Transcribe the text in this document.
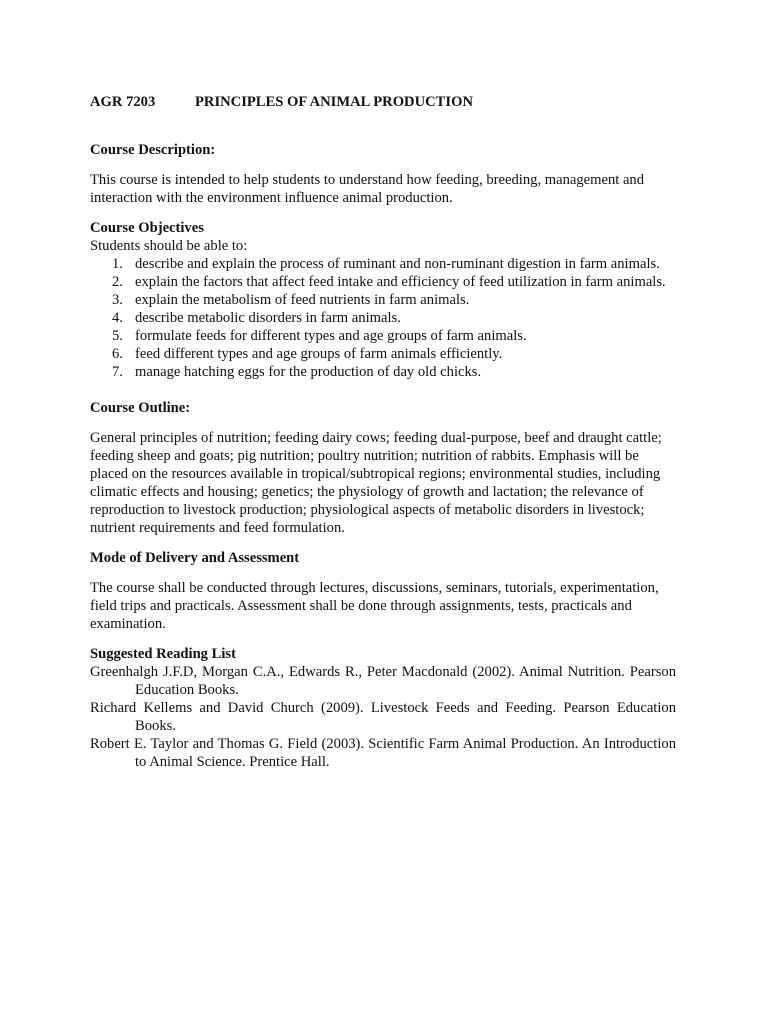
AGR 7203	PRINCIPLES OF ANIMAL PRODUCTION

Course Description:

This course is intended to help students to understand how feeding, breeding, management and interaction with the environment influence animal production.

Course Objectives

Students should be able to:

1. describe and explain the process of ruminant and non-ruminant digestion in farm animals.
2. explain the factors that affect feed intake and efficiency of feed utilization in farm animals.
3. explain the metabolism of feed nutrients in farm animals.
4. describe metabolic disorders in farm animals.
5. formulate feeds for different types and age groups of farm animals.
6. feed different types and age groups of farm animals efficiently.
7. manage hatching eggs for the production of day old chicks.

Course Outline:

General principles of nutrition; feeding dairy cows; feeding dual-purpose, beef and draught cattle; feeding sheep and goats; pig nutrition; poultry nutrition; nutrition of rabbits. Emphasis will be placed on the resources available in tropical/subtropical regions; environmental studies, including climatic effects and housing; genetics; the physiology of growth and lactation; the relevance of reproduction to livestock production; physiological aspects of metabolic disorders in livestock; nutrient requirements and feed formulation.

Mode of Delivery and Assessment

The course shall be conducted through lectures, discussions, seminars, tutorials, experimentation, field trips and practicals. Assessment shall be done through assignments, tests, practicals and examination.

Suggested Reading List

Greenhalgh J.F.D, Morgan C.A., Edwards R., Peter Macdonald (2002). Animal Nutrition. Pearson Education Books.

Richard Kellems and David Church (2009). Livestock Feeds and Feeding. Pearson Education Books.

Robert E. Taylor and Thomas G. Field (2003). Scientific Farm Animal Production. An Introduction to Animal Science. Prentice Hall.
